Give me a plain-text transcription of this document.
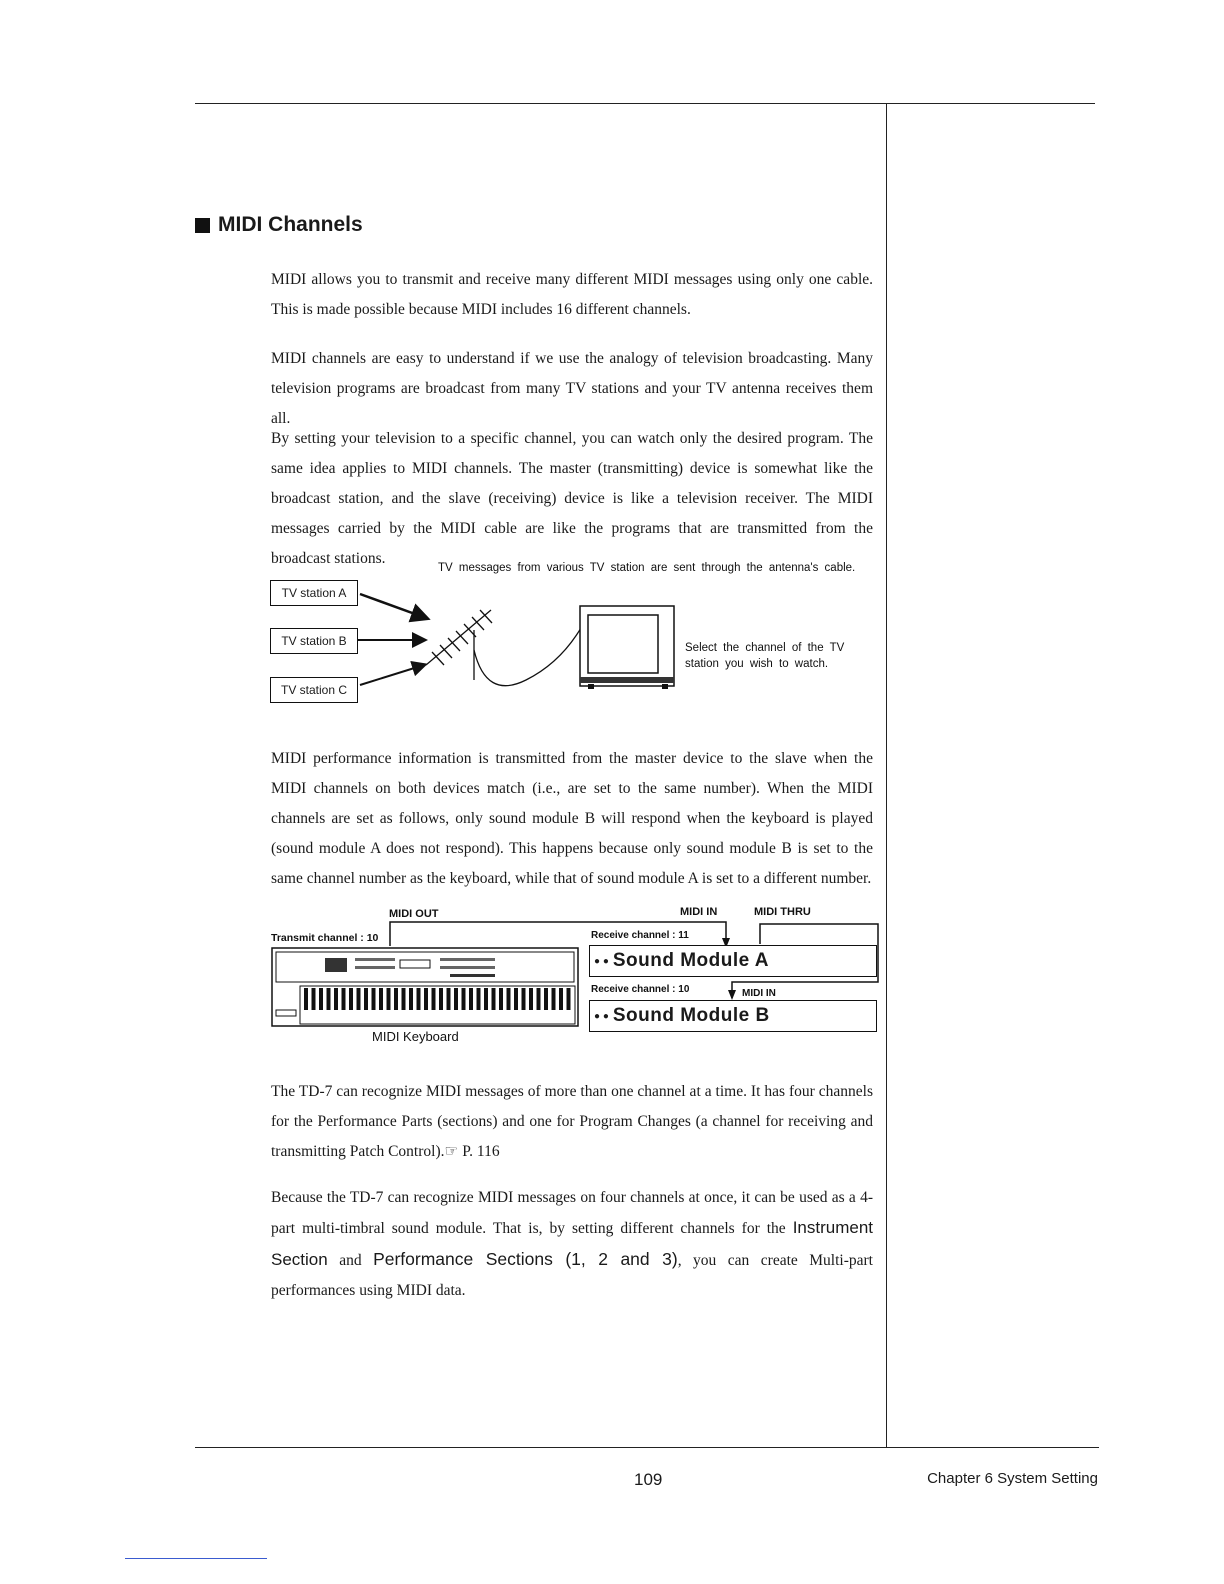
MIDI Channels
MIDI allows you to transmit and receive many different MIDI messages using only one cable. This is made possible because MIDI includes 16 different channels.
MIDI channels are easy to understand if we use the analogy of television broadcasting. Many television programs are broadcast from many TV stations and your TV antenna receives them all.
By setting your television to a specific channel, you can watch only the desired program. The same idea applies to MIDI channels. The master (transmitting) device is somewhat like the broadcast station, and the slave (receiving) device is like a television receiver. The MIDI messages carried by the MIDI cable are like the programs that are transmitted from the broadcast stations.
TV messages from various TV station are sent through the antenna's cable.
TV station A
TV station B
TV station C
Select the channel of the TV station you wish to watch.
MIDI performance information is transmitted from the master device to the slave when the MIDI channels on both devices match (i.e., are set to the same number). When the MIDI channels are set as follows, only sound module B will respond when the keyboard is played (sound module A does not respond). This happens because only sound module B is set to the same channel number as the keyboard, while that of sound module A is set to a different number.
MIDI OUT	MIDI IN	MIDI THRU
Transmit channel : 10	Receive channel : 11
Receive channel : 10	MIDI IN
● ● Sound Module A
● ● Sound Module B
MIDI Keyboard
The TD-7 can recognize MIDI messages of more than one channel at a time. It has four channels for the Performance Parts (sections) and one for Program Changes (a channel for receiving and transmitting Patch Control).☞ P. 116
Because the TD-7 can recognize MIDI messages on four channels at once, it can be used as a 4-part multi-timbral sound module. That is, by setting different channels for the Instrument Section and Performance Sections (1, 2 and 3), you can create Multi-part performances using MIDI data.
109	Chapter 6 System Setting
